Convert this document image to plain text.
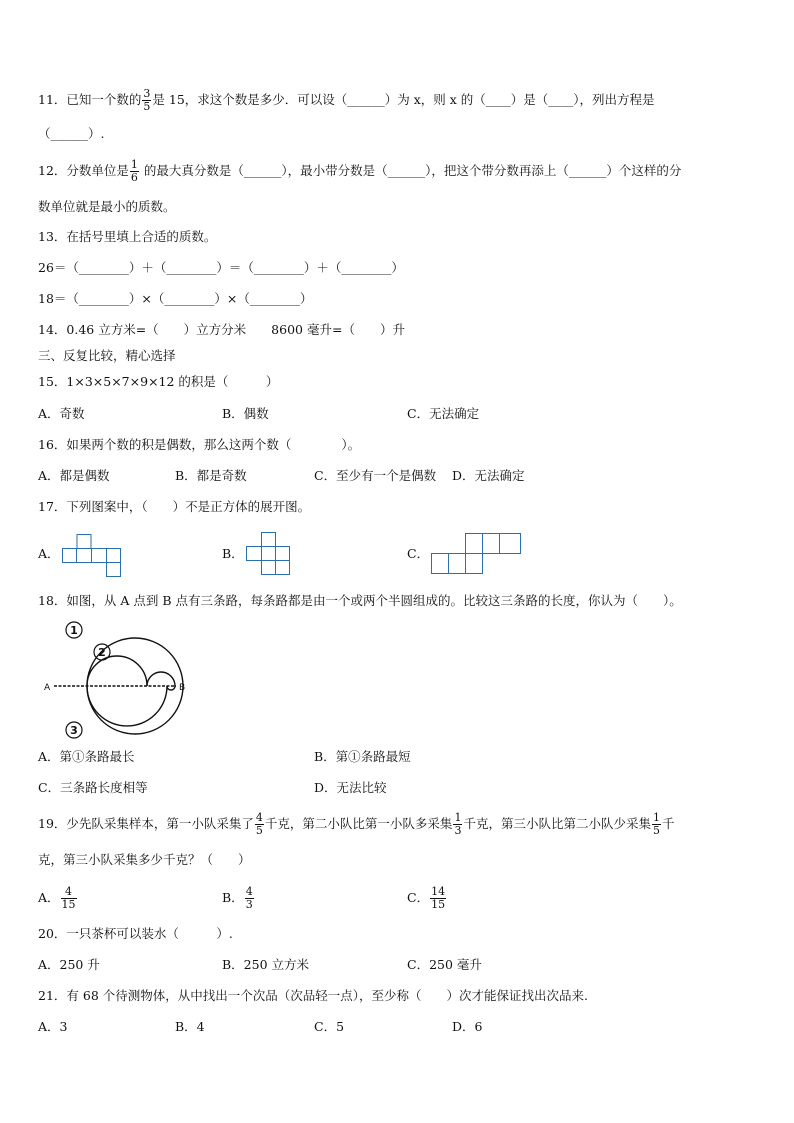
11．已知一个数的 $\frac{3}{5}$ 是 15，求这个数是多少．可以设（______）为 x，则 x 的（____）是（____），列出方程是
（______）.
12．分数单位是 $\frac{1}{6}$ 的最大真分数是（______），最小带分数是（______），把这个带分数再添上（______）个这样的分
数单位就是最小的质数。
13．在括号里填上合适的质数。
26＝（________）＋（________）＝（________）＋（________）
18＝（________）×（________）×（________）
14．0.46 立方米=（　　）立方分米　　8600 毫升=（　　）升
三、反复比较，精心选择
15．1×3×5×7×9×12 的积是（　　　）
A．奇数	B．偶数	C．无法确定
16．如果两个数的积是偶数，那么这两个数（　　　　）。
A．都是偶数	B．都是奇数	C．至少有一个是偶数 D．无法确定
17．下列图案中，（　　）不是正方体的展开图。
A．	B．	C．
18．如图，从 A 点到 B 点有三条路，每条路都是由一个或两个半圆组成的。比较这三条路的长度，你认为（　　）。
1
2
3
A	B
A．第①条路最长	B．第①条路最短
C．三条路长度相等	D．无法比较
19．少先队采集样本，第一小队采集了 $\frac{4}{5}$ 千克，第二小队比第一小队多采集 $\frac{1}{3}$ 千克，第三小队比第二小队少采集 $\frac{1}{5}$ 千
克，第三小队采集多少千克？（　　）
A． $\frac{4}{15}$	B． $\frac{4}{3}$	C． $\frac{14}{15}$
20．一只茶杯可以装水（　　　）.
A．250 升	B．250 立方米	C．250 毫升
21．有 68 个待测物体，从中找出一个次品（次品轻一点），至少称（　　）次才能保证找出次品来.
A．3	B．4	C．5	D．6
